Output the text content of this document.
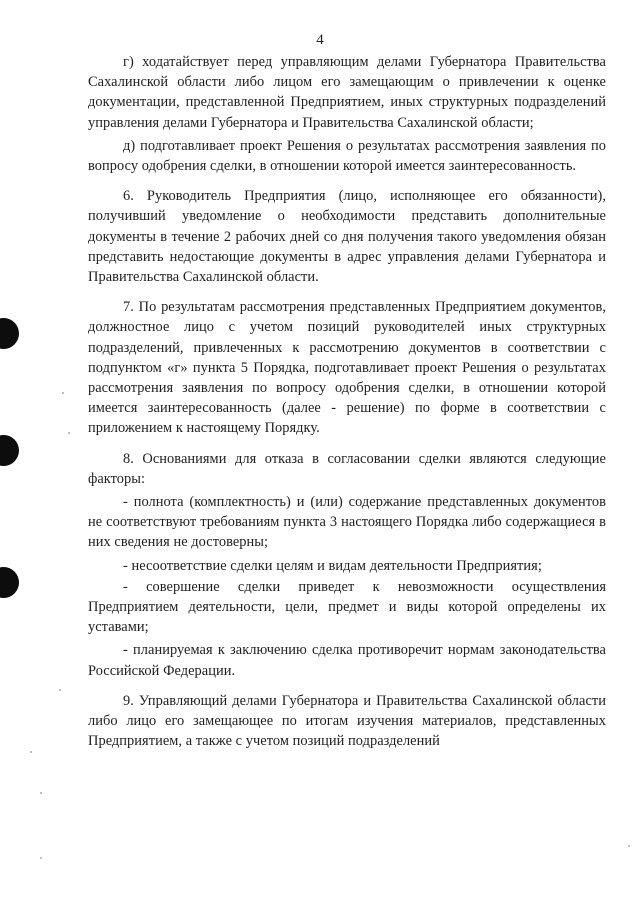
4

г) ходатайствует перед управляющим делами Губернатора Правительства Сахалинской области либо лицом его замещающим о привлечении к оценке документации, представленной Предприятием, иных структурных подразделений управления делами Губернатора и Правительства Сахалинской области;

д) подготавливает проект Решения о результатах рассмотрения заявления по вопросу одобрения сделки, в отношении которой имеется заинтересованность.

6. Руководитель Предприятия (лицо, исполняющее его обязанности), получивший уведомление о необходимости представить дополнительные документы в течение 2 рабочих дней со дня получения такого уведомления обязан представить недостающие документы в адрес управления делами Губернатора и Правительства Сахалинской области.

7. По результатам рассмотрения представленных Предприятием документов, должностное лицо с учетом позиций руководителей иных структурных подразделений, привлеченных к рассмотрению документов в соответствии с подпунктом «г» пункта 5 Порядка, подготавливает проект Решения о результатах рассмотрения заявления по вопросу одобрения сделки, в отношении которой имеется заинтересованность (далее - решение) по форме в соответствии с приложением к настоящему Порядку.

8. Основаниями для отказа в согласовании сделки являются следующие факторы:

- полнота (комплектность) и (или) содержание представленных документов не соответствуют требованиям пункта 3 настоящего Порядка либо содержащиеся в них сведения не достоверны;

- несоответствие сделки целям и видам деятельности Предприятия;

- совершение сделки приведет к невозможности осуществления Предприятием деятельности, цели, предмет и виды которой определены их уставами;

- планируемая к заключению сделка противоречит нормам законодательства Российской Федерации.

9. Управляющий делами Губернатора и Правительства Сахалинской области либо лицо его замещающее по итогам изучения материалов, представленных Предприятием, а также с учетом позиций подразделений
